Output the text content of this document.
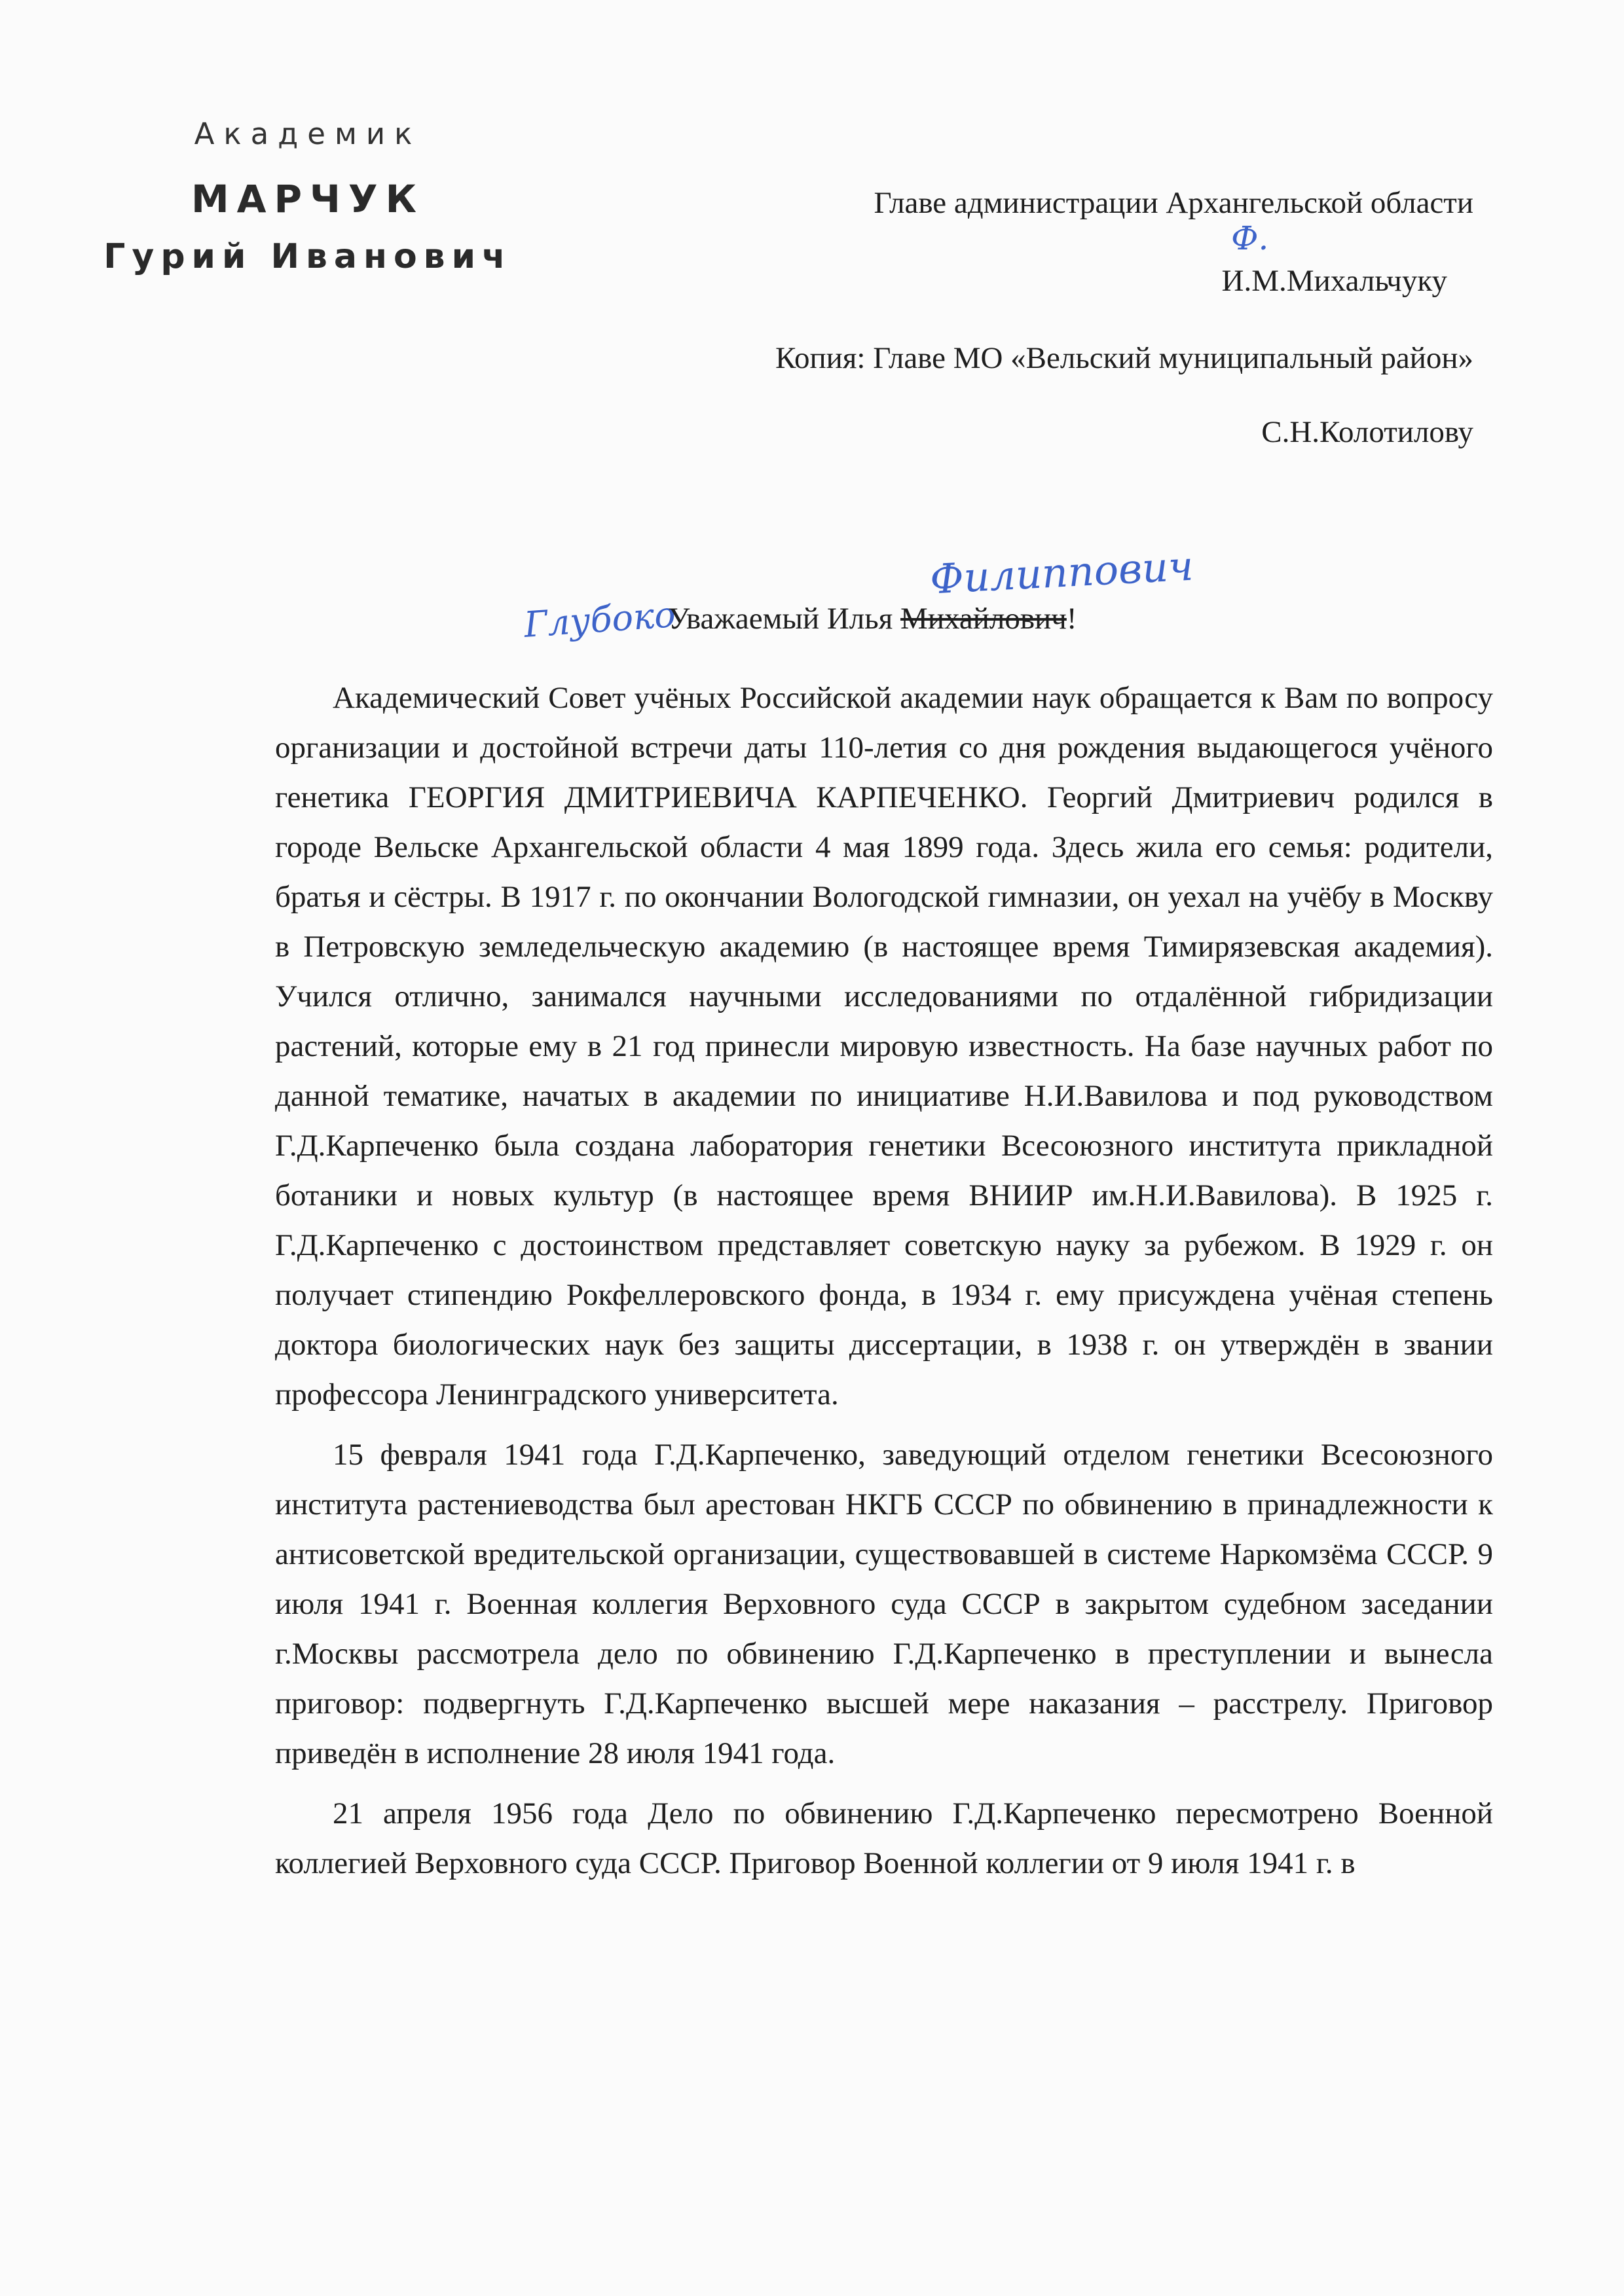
Академик
МАРЧУК
Гурий Иванович
Главе администрации Архангельской области
Ф.
И.М.Михальчуку
Копия: Главе МО «Вельский муниципальный район»
С.Н.Колотилову
Филиппович
Глубоко
Уважаемый Илья Михайлович!

Академический Совет учёных Российской академии наук обращается к Вам по вопросу организации и достойной встречи даты 110-летия со дня рождения выдающегося учёного генетика ГЕОРГИЯ ДМИТРИЕВИЧА КАРПЕЧЕНКО. Георгий Дмитриевич родился в городе Вельске Архангельской области 4 мая 1899 года. Здесь жила его семья: родители, братья и сёстры. В 1917 г. по окончании Вологодской гимназии, он уехал на учёбу в Москву в Петровскую земледельческую академию (в настоящее время Тимирязевская академия). Учился отлично, занимался научными исследованиями по отдалённой гибридизации растений, которые ему в 21 год принесли мировую известность. На базе научных работ по данной тематике, начатых в академии по инициативе Н.И.Вавилова и под руководством Г.Д.Карпеченко была создана лаборатория генетики Всесоюзного института прикладной ботаники и новых культур (в настоящее время ВНИИР им.Н.И.Вавилова). В 1925 г. Г.Д.Карпеченко с достоинством представляет советскую науку за рубежом. В 1929 г. он получает стипендию Рокфеллеровского фонда, в 1934 г. ему присуждена учёная степень доктора биологических наук без защиты диссертации, в 1938 г. он утверждён в звании профессора Ленинградского университета.

15 февраля 1941 года Г.Д.Карпеченко, заведующий отделом генетики Всесоюзного института растениеводства был арестован НКГБ СССР по обвинению в принадлежности к антисоветской вредительской организации, существовавшей в системе Наркомзёма СССР. 9 июля 1941 г. Военная коллегия Верховного суда СССР в закрытом судебном заседании г.Москвы рассмотрела дело по обвинению Г.Д.Карпеченко в преступлении и вынесла приговор: подвергнуть Г.Д.Карпеченко высшей мере наказания – расстрелу. Приговор приведён в исполнение 28 июля 1941 года.

21 апреля 1956 года Дело по обвинению Г.Д.Карпеченко пересмотрено Военной коллегией Верховного суда СССР. Приговор Военной коллегии от 9 июля 1941 г. в
